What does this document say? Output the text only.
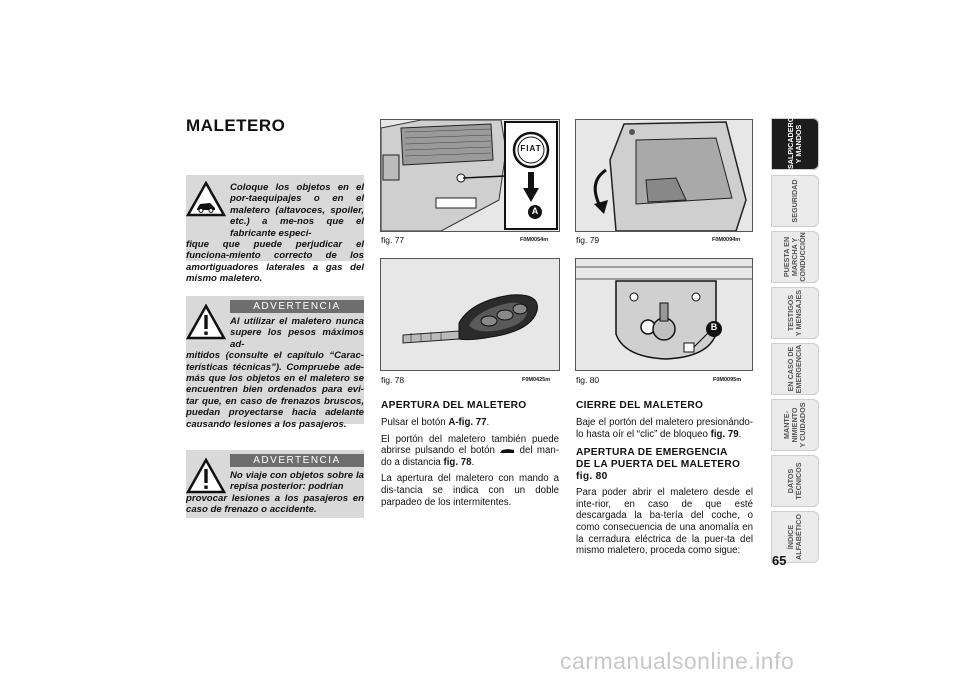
MALETERO
Coloque los objetos en el por-taequipajes o en el maletero (altavoces, spoiler, etc.) a me-nos que el fabricante especi-
fique que puede perjudicar el funciona-miento correcto de los amortiguadores laterales a gas del mismo maletero.
ADVERTENCIA
Al utilizar el maletero nunca supere los pesos máximos ad-
mitidos (consulte el capítulo “Carac-terísticas técnicas”). Compruebe ade-más que los objetos en el maletero se encuentren bien ordenados para evi-tar que, en caso de frenazos bruscos, puedan proyectarse hacia adelante causando lesiones a los pasajeros.
ADVERTENCIA
No viaje con objetos sobre la repisa posterior: podrían
provocar lesiones a los pasajeros en caso de frenazo o accidente.
FIAT
A
fig. 77	F0M0054m
fig. 78	F0M0425m
fig. 79	F0M0094m
B
fig. 80	F0M0095m
APERTURA DEL MALETERO
Pulsar el botón A-fig. 77.
El portón del maletero también puede abrirse pulsando el botón  del man-do a distancia fig. 78.
La apertura del maletero con mando a dis-tancia se indica con un doble parpadeo de los intermitentes.
CIERRE DEL MALETERO
Baje el portón del maletero presionándo-lo hasta oír el “clic” de bloqueo fig. 79.
APERTURA DE EMERGENCIA
DE LA PUERTA DEL MALETERO
fig. 80
Para poder abrir el maletero desde el inte-rior, en caso de que esté descargada la ba-tería del coche, o como consecuencia de una anomalía en la cerradura eléctrica de la puer-ta del mismo maletero, proceda como sigue:
SALPICADERO
Y MANDOS
SEGURIDAD
PUESTA EN
MARCHA Y
CONDUCCIÓN
TESTIGOS
Y MENSAJES
EN CASO DE
EMERGENCIA
MANTE-
NIMIENTO
Y CUIDADOS
DATOS
TÉCNICOS
ÍNDICE
ALFABÉTICO
65
carmanualsonline.info
